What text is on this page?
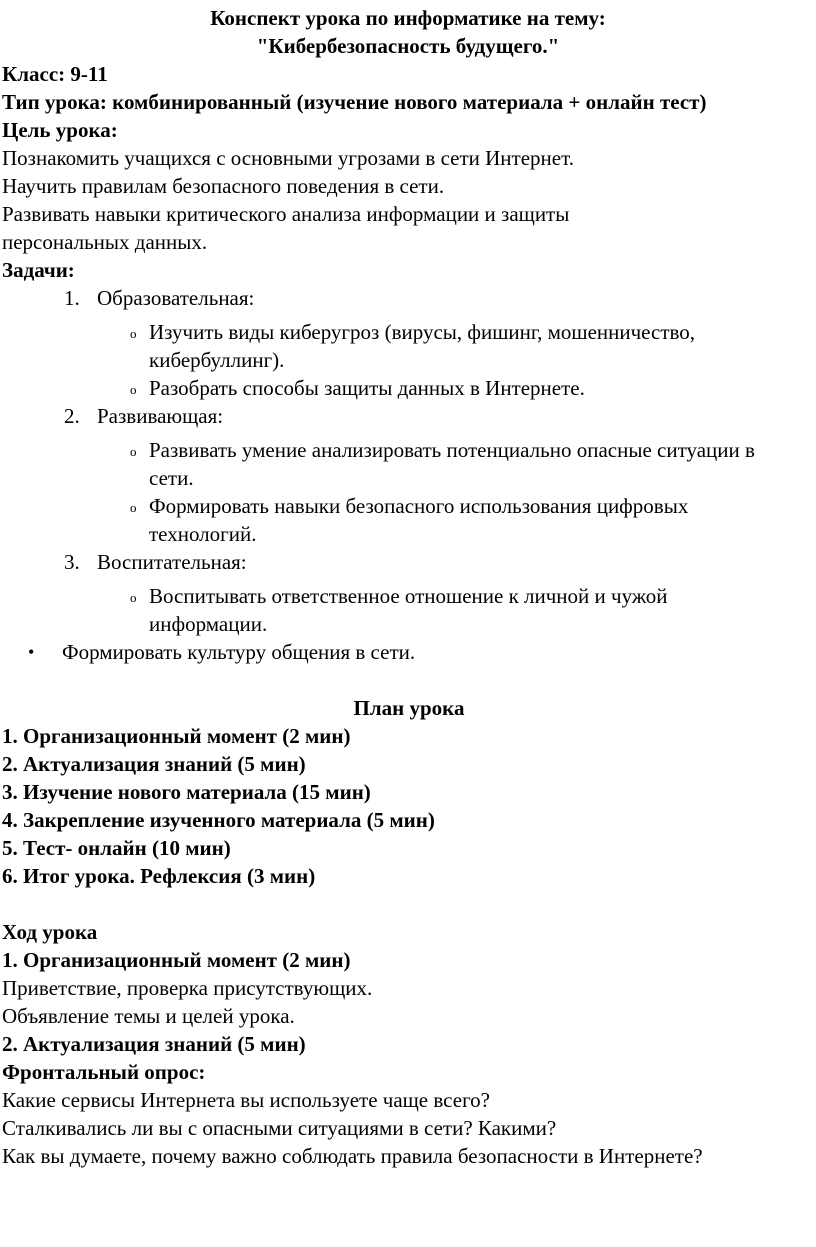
Конспект урока по информатике на тему:

"Кибербезопасность будущего."

Класс: 9-11

Тип урока: комбинированный (изучение нового материала + онлайн тест)

Цель урока:

Познакомить учащихся с основными угрозами в сети Интернет.

Научить правилам безопасного поведения в сети.

Развивать навыки критического анализа информации и защиты персональных данных.

Задачи:

1. Образовательная:

o Изучить виды киберугроз (вирусы, фишинг, мошенничество, кибербуллинг).

o Разобрать способы защиты данных в Интернете.

2. Развивающая:

o Развивать умение анализировать потенциально опасные ситуации в сети.

o Формировать навыки безопасного использования цифровых технологий.

3. Воспитательная:

o Воспитывать ответственное отношение к личной и чужой информации.

• Формировать культуру общения в сети.

План урока

1. Организационный момент (2 мин)

2. Актуализация знаний (5 мин)

3. Изучение нового материала (15 мин)

4. Закрепление изученного материала (5 мин)

5. Тест- онлайн (10 мин)

6. Итог урока. Рефлексия (3 мин)

Ход урока

1. Организационный момент (2 мин)

Приветствие, проверка присутствующих.

Объявление темы и целей урока.

2. Актуализация знаний (5 мин)

Фронтальный опрос:

Какие сервисы Интернета вы используете чаще всего?

Сталкивались ли вы с опасными ситуациями в сети? Какими?

Как вы думаете, почему важно соблюдать правила безопасности в Интернете?
